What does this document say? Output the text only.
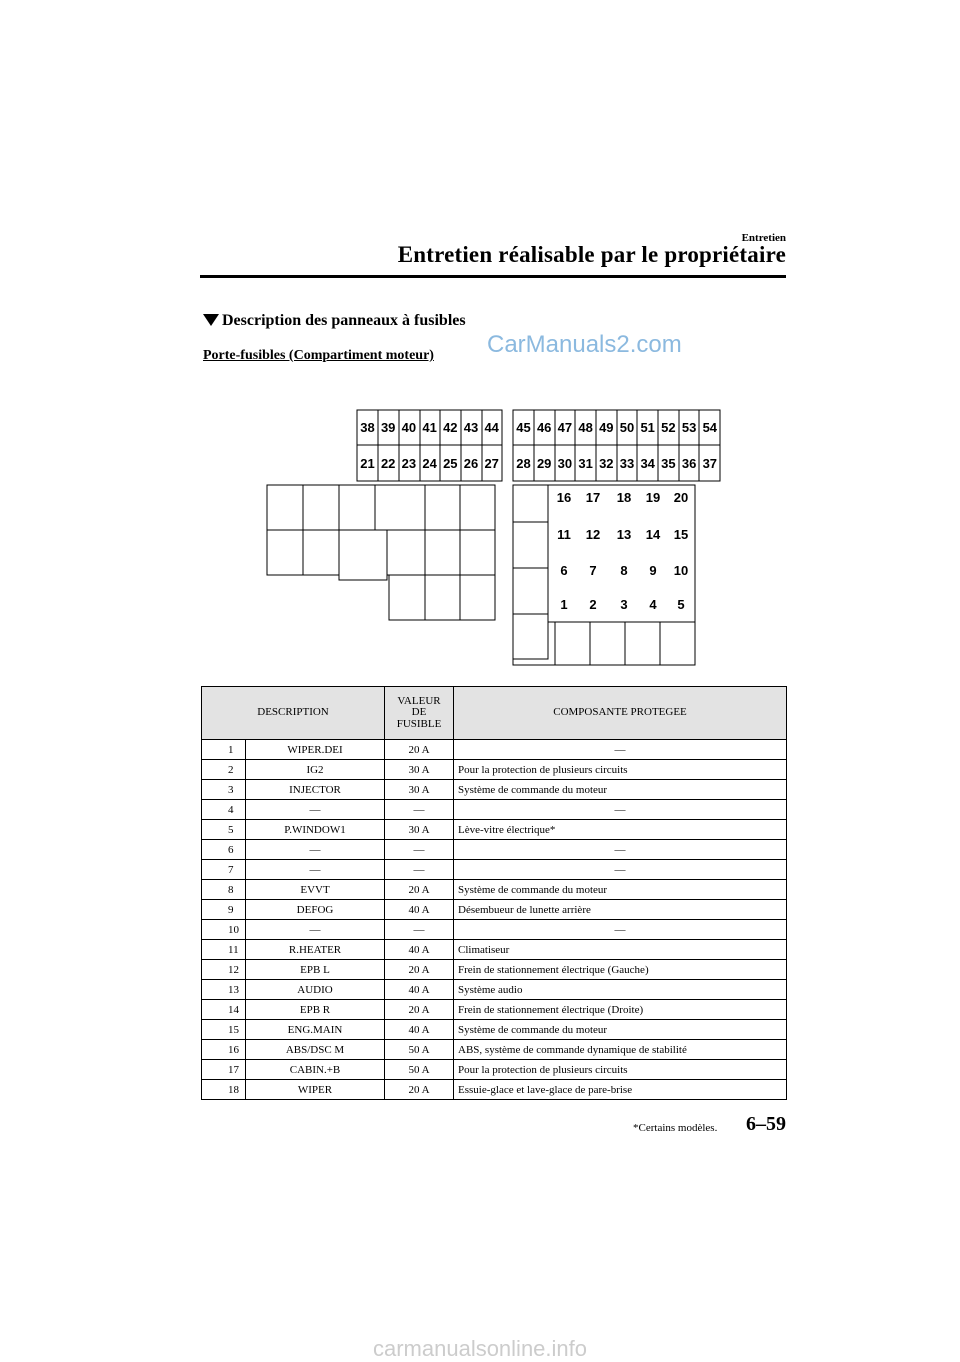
Entretien
Entretien réalisable par le propriétaire
Description des panneaux à fusibles
Porte-fusibles (Compartiment moteur) CarManuals2.com
38 39 40 41 42 43 44
21 22 23 24 25 26 27
45 46 47 48 49 50 51 52 53 54
28 29 30 31 32 33 34 35 36 37
16 17 18 19 20
11 12 13 14 15
6 7 8 9 10
1 2 3 4 5
DESCRIPTION		VALEUR DE FUSIBLE	COMPOSANTE PROTEGEE
1	WIPER.DEI	20 A	—
2	IG2	30 A	Pour la protection de plusieurs circuits
3	INJECTOR	30 A	Système de commande du moteur
4	—	—	—
5	P.WINDOW1	30 A	Lève-vitre électrique*
6	—	—	—
7	—	—	—
8	EVVT	20 A	Système de commande du moteur
9	DEFOG	40 A	Désembueur de lunette arrière
10	—	—	—
11	R.HEATER	40 A	Climatiseur
12	EPB L	20 A	Frein de stationnement électrique (Gauche)
13	AUDIO	40 A	Système audio
14	EPB R	20 A	Frein de stationnement électrique (Droite)
15	ENG.MAIN	40 A	Système de commande du moteur
16	ABS/DSC M	50 A	ABS, système de commande dynamique de stabilité
17	CABIN.+B	50 A	Pour la protection de plusieurs circuits
18	WIPER	20 A	Essuie-glace et lave-glace de pare-brise
*Certains modèles. 6–59
carmanualsonline.info
